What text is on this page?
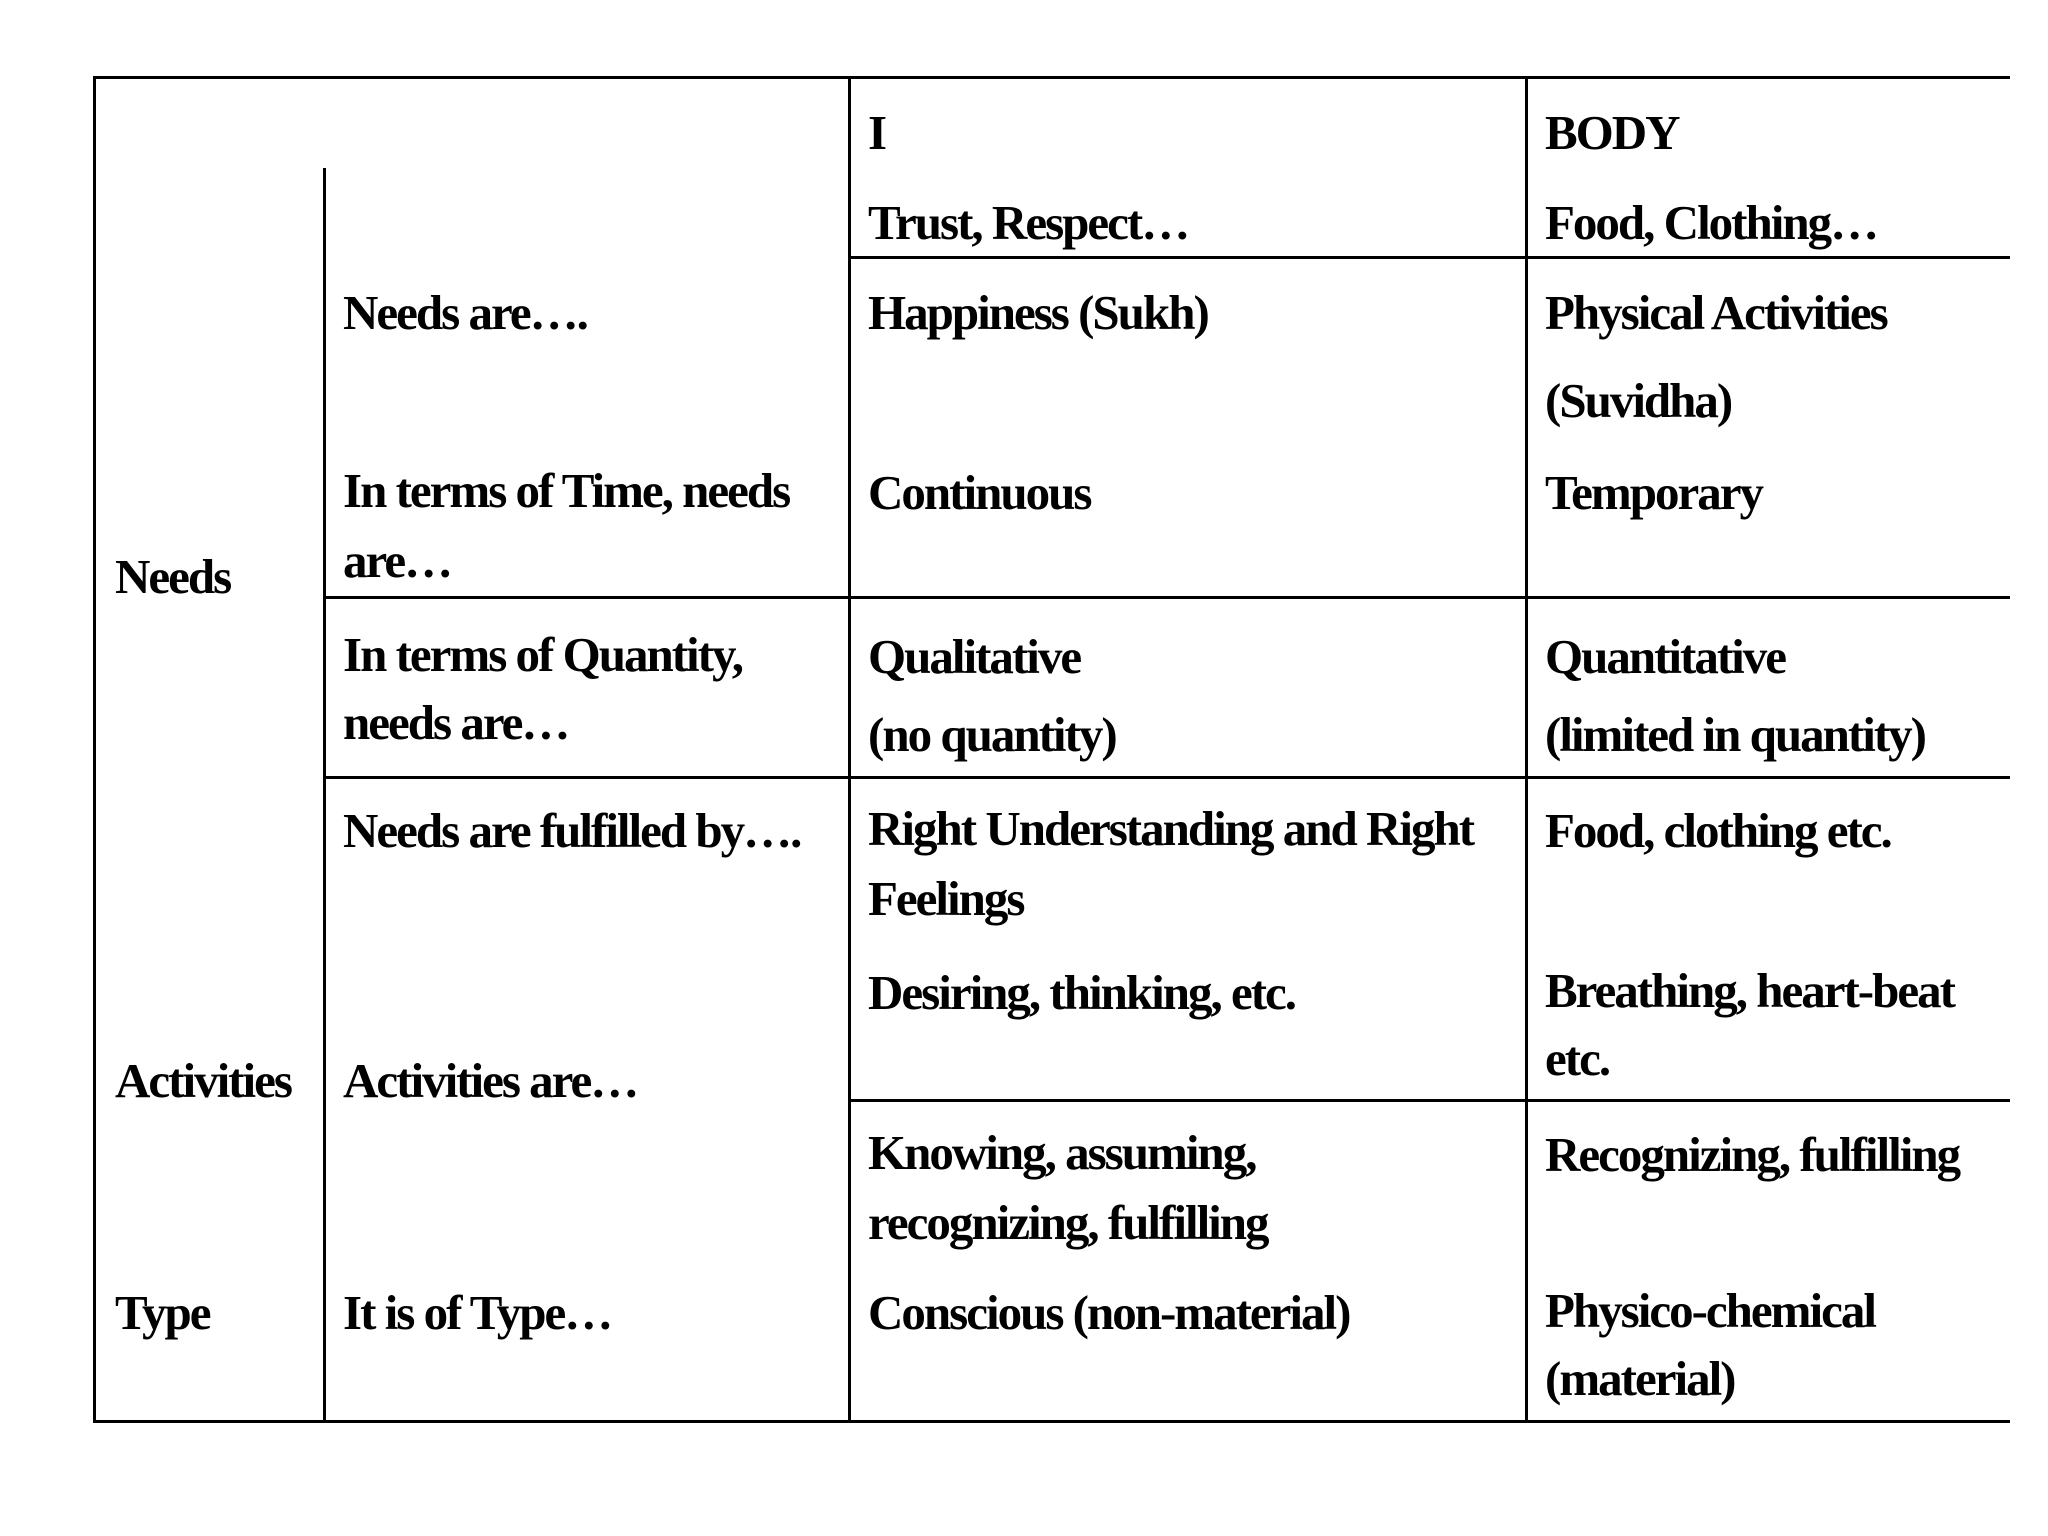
I	BODY
Trust, Respect…	Food, Clothing…
Needs
Activities
Type
Needs are….
In terms of Time, needs
are…
In terms of Quantity,
needs are…
Needs are fulfilled by….
Activities are…
It is of Type…
Happiness (Sukh)
Continuous
Qualitative
(no quantity)
Right Understanding and Right
Feelings
Desiring, thinking, etc.
Knowing, assuming,
recognizing, fulfilling
Conscious (non-material)
Physical Activities
(Suvidha)
Temporary
Quantitative
(limited in quantity)
Food, clothing etc.
Breathing, heart-beat
etc.
Recognizing, fulfilling
Physico-chemical
(material)
